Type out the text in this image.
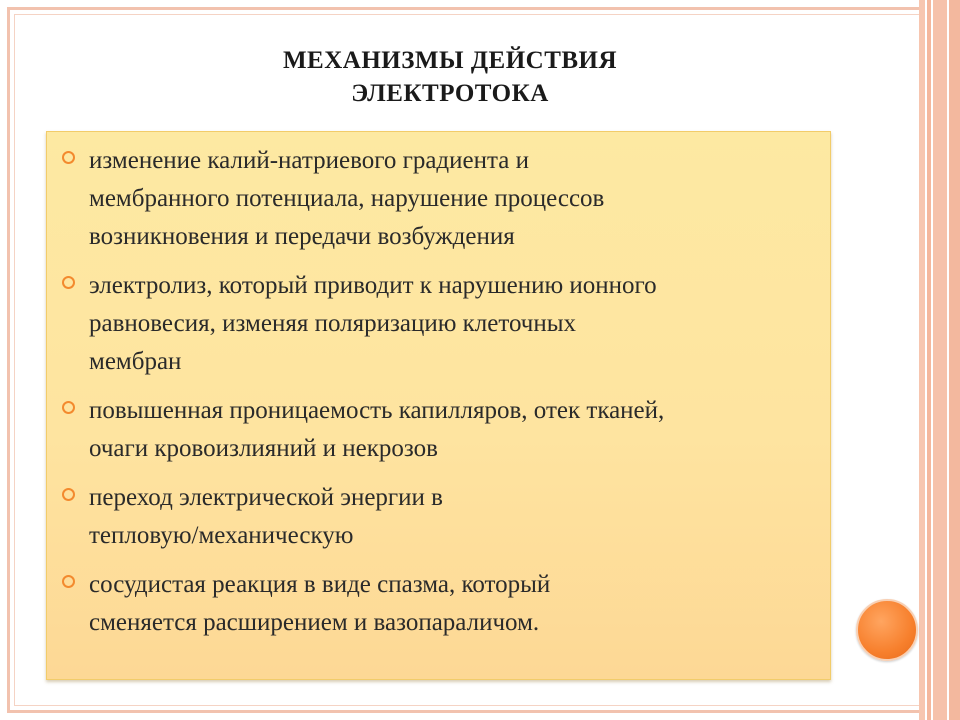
МЕХАНИЗМЫ ДЕЙСТВИЯ
ЭЛЕКТРОТОКА
изменение калий-натриевого градиента и
мембранного потенциала, нарушение процессов
возникновения и передачи возбуждения
электролиз, который приводит к нарушению ионного
равновесия, изменяя поляризацию клеточных
мембран
повышенная проницаемость капилляров, отек тканей,
очаги кровоизлияний и некрозов
переход электрической энергии в
тепловую/механическую
сосудистая реакция в виде спазма, который
сменяется расширением и вазопараличом.
